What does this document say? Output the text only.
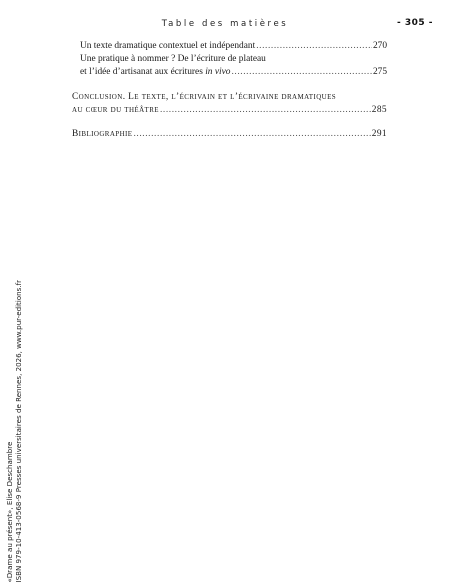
Table des matières	- 305 -
Un texte dramatique contextuel et indépendant .....	270
Une pratique à nommer ? De l’écriture de plateau
et l’idée d’artisanat aux écritures in vivo .....	275
Conclusion. Le texte, l’écrivain et l’écrivaine dramatiques
au cœur du théâtre .....	285
Bibliographie .....	291
«Drame au présent», Elise Deschambre ISBN 979-10-413-0568-9 Presses universitaires de Rennes, 2026, www.pur-editions.fr
